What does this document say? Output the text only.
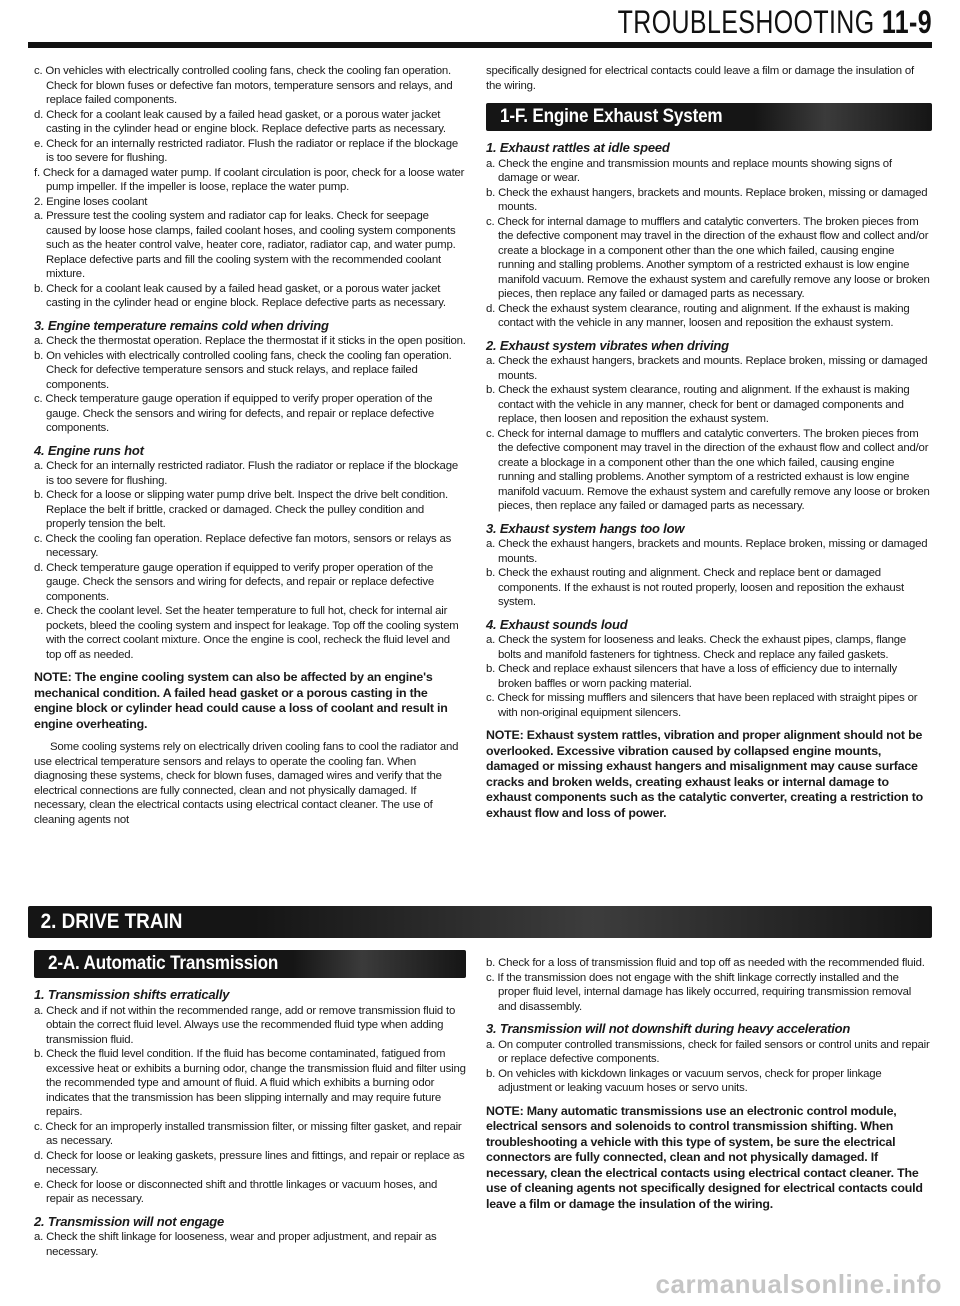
TROUBLESHOOTING 11-9

c. On vehicles with electrically controlled cooling fans, check the cooling fan operation. Check for blown fuses or defective fan motors, temperature sensors and relays, and replace failed components.

d. Check for a coolant leak caused by a failed head gasket, or a porous water jacket casting in the cylinder head or engine block. Replace defective parts as necessary.

e. Check for an internally restricted radiator. Flush the radiator or replace if the blockage is too severe for flushing.

f. Check for a damaged water pump. If coolant circulation is poor, check for a loose water pump impeller. If the impeller is loose, replace the water pump.

2. Engine loses coolant

a. Pressure test the cooling system and radiator cap for leaks. Check for seepage caused by loose hose clamps, failed coolant hoses, and cooling system components such as the heater control valve, heater core, radiator, radiator cap, and water pump. Replace defective parts and fill the cooling system with the recommended coolant mixture.

b. Check for a coolant leak caused by a failed head gasket, or a porous water jacket casting in the cylinder head or engine block. Replace defective parts as necessary.

3. Engine temperature remains cold when driving

a. Check the thermostat operation. Replace the thermostat if it sticks in the open position.

b. On vehicles with electrically controlled cooling fans, check the cooling fan operation. Check for defective temperature sensors and stuck relays, and replace failed components.

c. Check temperature gauge operation if equipped to verify proper operation of the gauge. Check the sensors and wiring for defects, and repair or replace defective components.

4. Engine runs hot

a. Check for an internally restricted radiator. Flush the radiator or replace if the blockage is too severe for flushing.

b. Check for a loose or slipping water pump drive belt. Inspect the drive belt condition. Replace the belt if brittle, cracked or damaged. Check the pulley condition and properly tension the belt.

c. Check the cooling fan operation. Replace defective fan motors, sensors or relays as necessary.

d. Check temperature gauge operation if equipped to verify proper operation of the gauge. Check the sensors and wiring for defects, and repair or replace defective components.

e. Check the coolant level. Set the heater temperature to full hot, check for internal air pockets, bleed the cooling system and inspect for leakage. Top off the cooling system with the correct coolant mixture. Once the engine is cool, recheck the fluid level and top off as needed.

NOTE: The engine cooling system can also be affected by an engine's mechanical condition. A failed head gasket or a porous casting in the engine block or cylinder head could cause a loss of coolant and result in engine overheating.

Some cooling systems rely on electrically driven cooling fans to cool the radiator and use electrical temperature sensors and relays to operate the cooling fan. When diagnosing these systems, check for blown fuses, damaged wires and verify that the electrical connections are fully connected, clean and not physically damaged. If necessary, clean the electrical contacts using electrical contact cleaner. The use of cleaning agents not

specifically designed for electrical contacts could leave a film or damage the insulation of the wiring.

1-F. Engine Exhaust System

1. Exhaust rattles at idle speed

a. Check the engine and transmission mounts and replace mounts showing signs of damage or wear.

b. Check the exhaust hangers, brackets and mounts. Replace broken, missing or damaged mounts.

c. Check for internal damage to mufflers and catalytic converters. The broken pieces from the defective component may travel in the direction of the exhaust flow and collect and/or create a blockage in a component other than the one which failed, causing engine running and stalling problems. Another symptom of a restricted exhaust is low engine manifold vacuum. Remove the exhaust system and carefully remove any loose or broken pieces, then replace any failed or damaged parts as necessary.

d. Check the exhaust system clearance, routing and alignment. If the exhaust is making contact with the vehicle in any manner, loosen and reposition the exhaust system.

2. Exhaust system vibrates when driving

a. Check the exhaust hangers, brackets and mounts. Replace broken, missing or damaged mounts.

b. Check the exhaust system clearance, routing and alignment. If the exhaust is making contact with the vehicle in any manner, check for bent or damaged components and replace, then loosen and reposition the exhaust system.

c. Check for internal damage to mufflers and catalytic converters. The broken pieces from the defective component may travel in the direction of the exhaust flow and collect and/or create a blockage in a component other than the one which failed, causing engine running and stalling problems. Another symptom of a restricted exhaust is low engine manifold vacuum. Remove the exhaust system and carefully remove any loose or broken pieces, then replace any failed or damaged parts as necessary.

3. Exhaust system hangs too low

a. Check the exhaust hangers, brackets and mounts. Replace broken, missing or damaged mounts.

b. Check the exhaust routing and alignment. Check and replace bent or damaged components. If the exhaust is not routed properly, loosen and reposition the exhaust system.

4. Exhaust sounds loud

a. Check the system for looseness and leaks. Check the exhaust pipes, clamps, flange bolts and manifold fasteners for tightness. Check and replace any failed gaskets.

b. Check and replace exhaust silencers that have a loss of efficiency due to internally broken baffles or worn packing material.

c. Check for missing mufflers and silencers that have been replaced with straight pipes or with non-original equipment silencers.

NOTE: Exhaust system rattles, vibration and proper alignment should not be overlooked. Excessive vibration caused by collapsed engine mounts, damaged or missing exhaust hangers and misalignment may cause surface cracks and broken welds, creating exhaust leaks or internal damage to exhaust components such as the catalytic converter, creating a restriction to exhaust flow and loss of power.

2. DRIVE TRAIN
2-A. Automatic Transmission

1. Transmission shifts erratically

a. Check and if not within the recommended range, add or remove transmission fluid to obtain the correct fluid level. Always use the recommended fluid type when adding transmission fluid.

b. Check the fluid level condition. If the fluid has become contaminated, fatigued from excessive heat or exhibits a burning odor, change the transmission fluid and filter using the recommended type and amount of fluid. A fluid which exhibits a burning odor indicates that the transmission has been slipping internally and may require future repairs.

c. Check for an improperly installed transmission filter, or missing filter gasket, and repair as necessary.

d. Check for loose or leaking gaskets, pressure lines and fittings, and repair or replace as necessary.

e. Check for loose or disconnected shift and throttle linkages or vacuum hoses, and repair as necessary.

2. Transmission will not engage

a. Check the shift linkage for looseness, wear and proper adjustment, and repair as necessary.

b. Check for a loss of transmission fluid and top off as needed with the recommended fluid.

c. If the transmission does not engage with the shift linkage correctly installed and the proper fluid level, internal damage has likely occurred, requiring transmission removal and disassembly.

3. Transmission will not downshift during heavy acceleration

a. On computer controlled transmissions, check for failed sensors or control units and repair or replace defective components.

b. On vehicles with kickdown linkages or vacuum servos, check for proper linkage adjustment or leaking vacuum hoses or servo units.

NOTE: Many automatic transmissions use an electronic control module, electrical sensors and solenoids to control transmission shifting. When troubleshooting a vehicle with this type of system, be sure the electrical connectors are fully connected, clean and not physically damaged. If necessary, clean the electrical contacts using electrical contact cleaner. The use of cleaning agents not specifically designed for electrical contacts could leave a film or damage the insulation of the wiring.

carmanualsonline.info
